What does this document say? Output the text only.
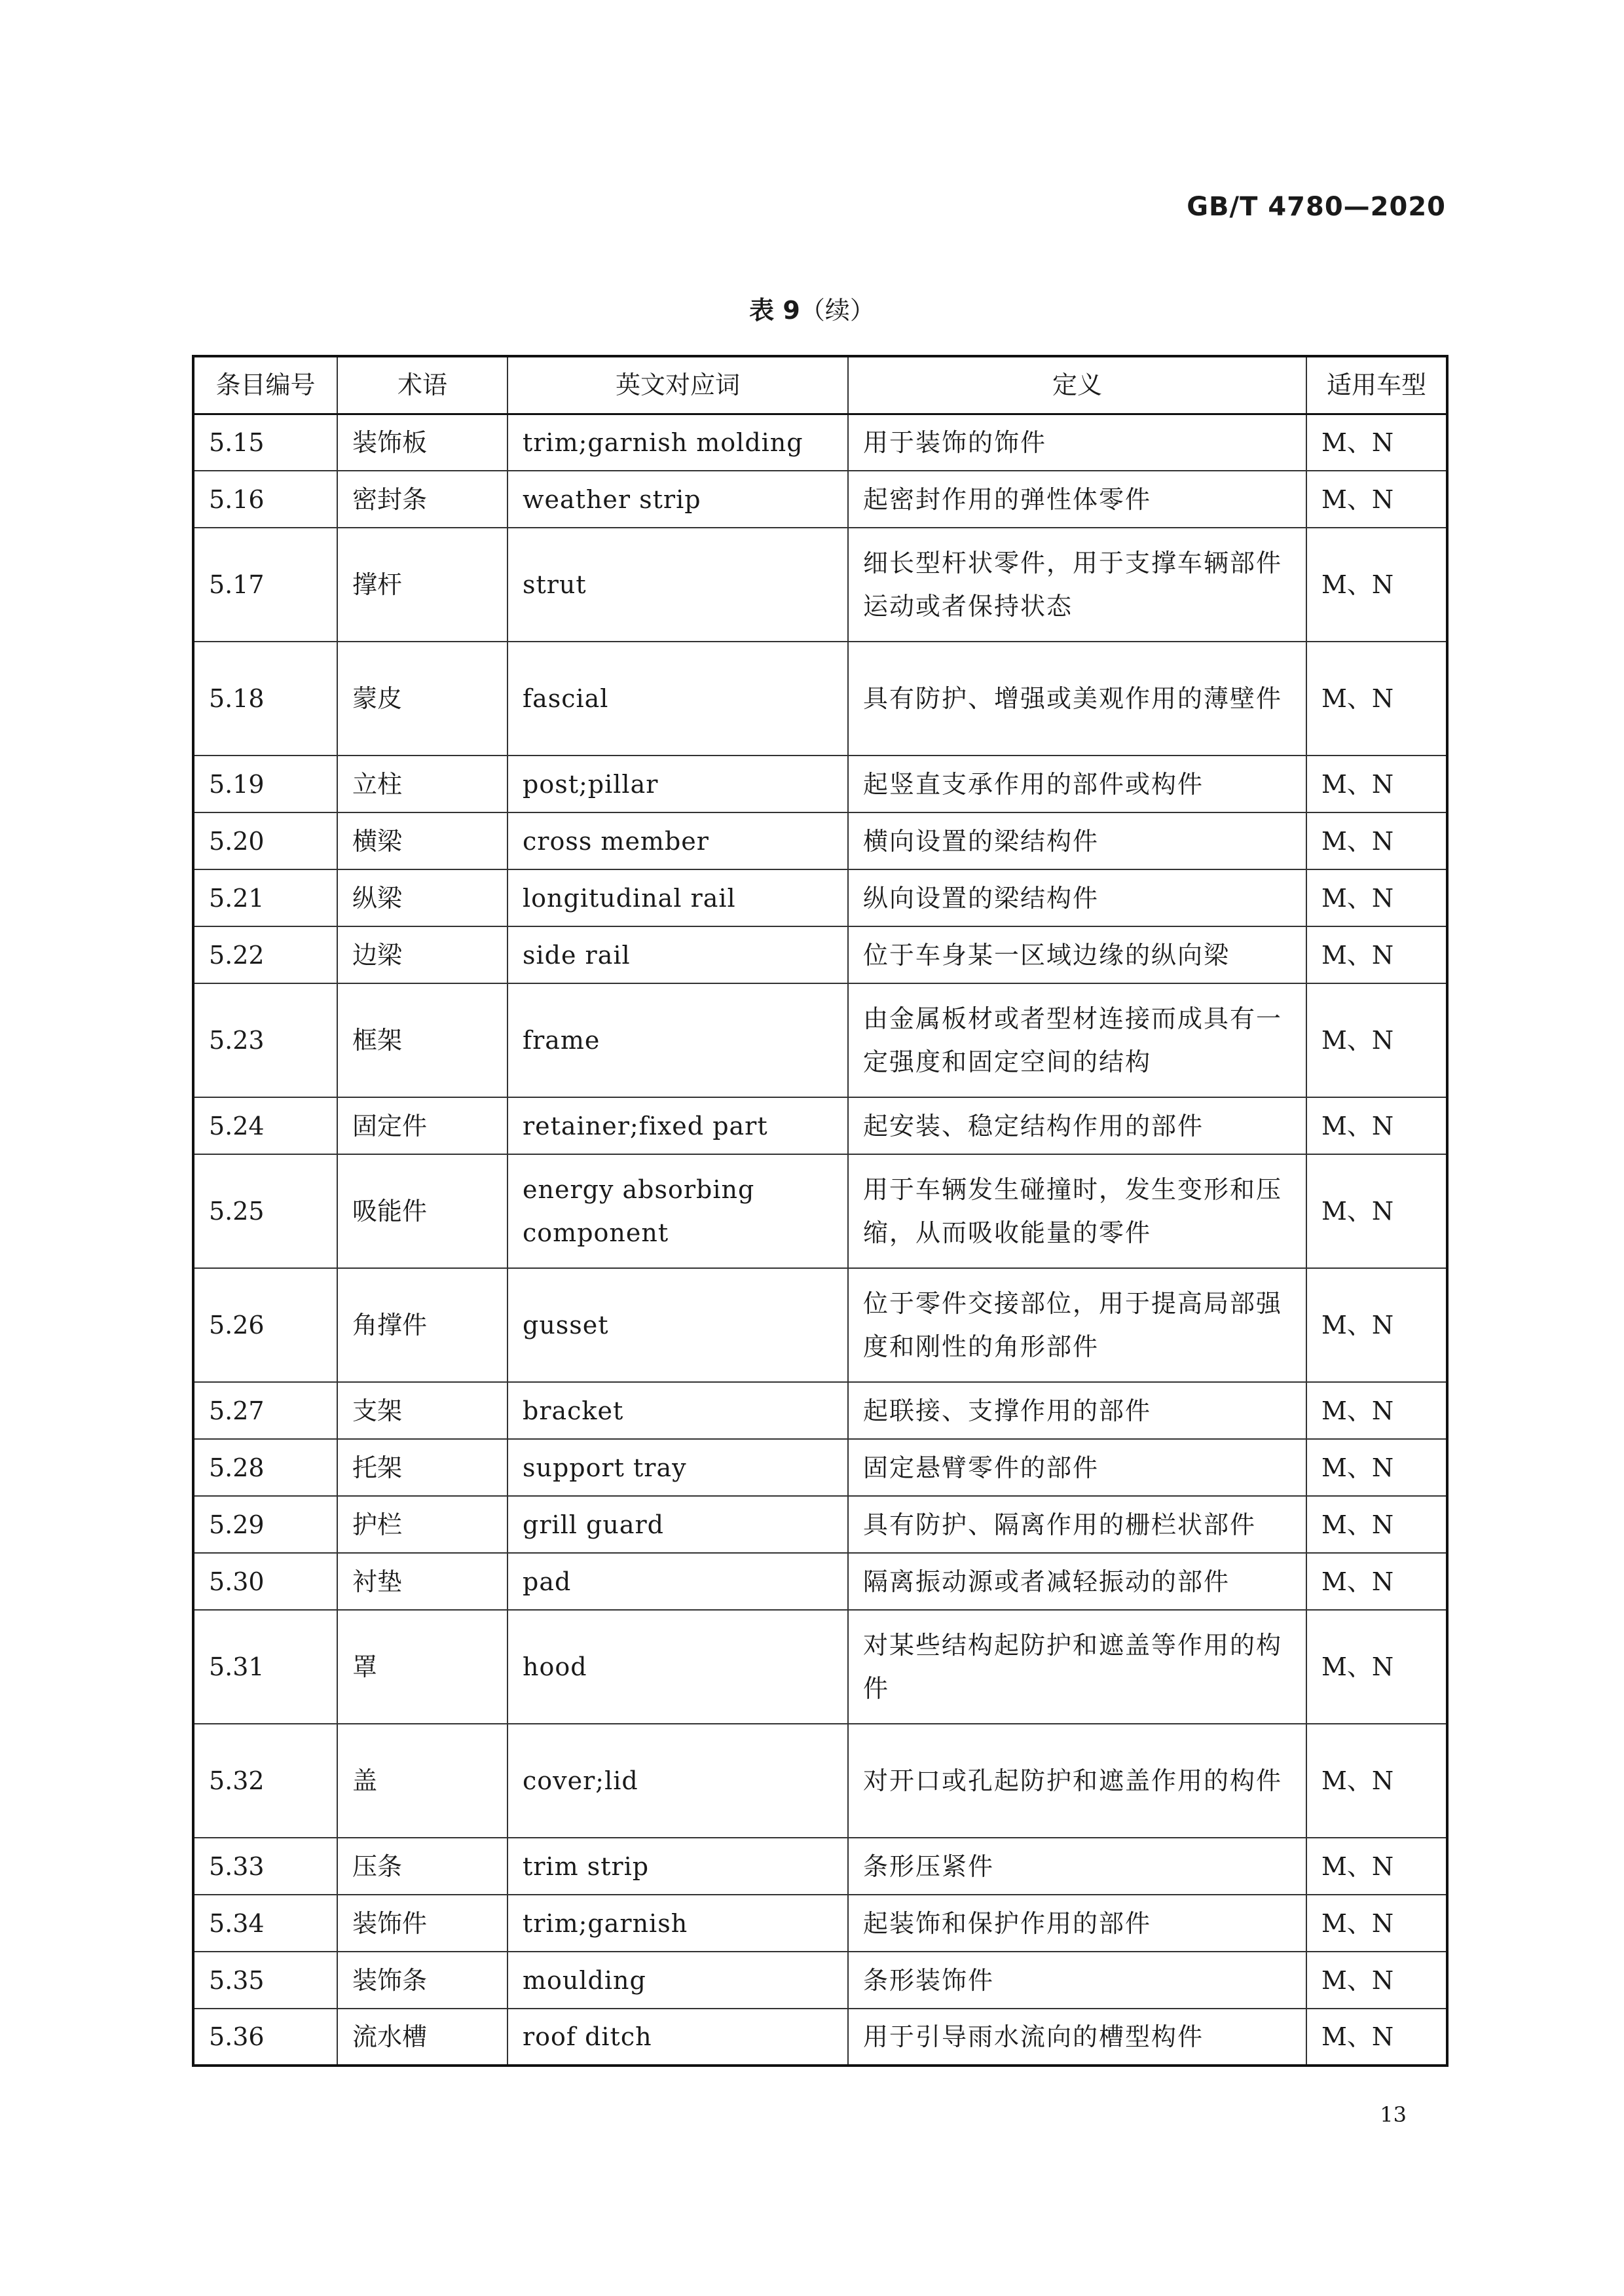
GB/T 4780—2020
表 9（续）
条目编号	术语	英文对应词	定义	适用车型
5.15	装饰板	trim;garnish molding	用于装饰的饰件	M、N
5.16	密封条	weather strip	起密封作用的弹性体零件	M、N
5.17	撑杆	strut	细长型杆状零件，用于支撑车辆部件运动或者保持状态	M、N
5.18	蒙皮	fascial	具有防护、增强或美观作用的薄壁件	M、N
5.19	立柱	post;pillar	起竖直支承作用的部件或构件	M、N
5.20	横梁	cross member	横向设置的梁结构件	M、N
5.21	纵梁	longitudinal rail	纵向设置的梁结构件	M、N
5.22	边梁	side rail	位于车身某一区域边缘的纵向梁	M、N
5.23	框架	frame	由金属板材或者型材连接而成具有一定强度和固定空间的结构	M、N
5.24	固定件	retainer;fixed part	起安装、稳定结构作用的部件	M、N
5.25	吸能件	energy absorbing component	用于车辆发生碰撞时，发生变形和压缩，从而吸收能量的零件	M、N
5.26	角撑件	gusset	位于零件交接部位，用于提高局部强度和刚性的角形部件	M、N
5.27	支架	bracket	起联接、支撑作用的部件	M、N
5.28	托架	support tray	固定悬臂零件的部件	M、N
5.29	护栏	grill guard	具有防护、隔离作用的栅栏状部件	M、N
5.30	衬垫	pad	隔离振动源或者减轻振动的部件	M、N
5.31	罩	hood	对某些结构起防护和遮盖等作用的构件	M、N
5.32	盖	cover;lid	对开口或孔起防护和遮盖作用的构件	M、N
5.33	压条	trim strip	条形压紧件	M、N
5.34	装饰件	trim;garnish	起装饰和保护作用的部件	M、N
5.35	装饰条	moulding	条形装饰件	M、N
5.36	流水槽	roof ditch	用于引导雨水流向的槽型构件	M、N
13
